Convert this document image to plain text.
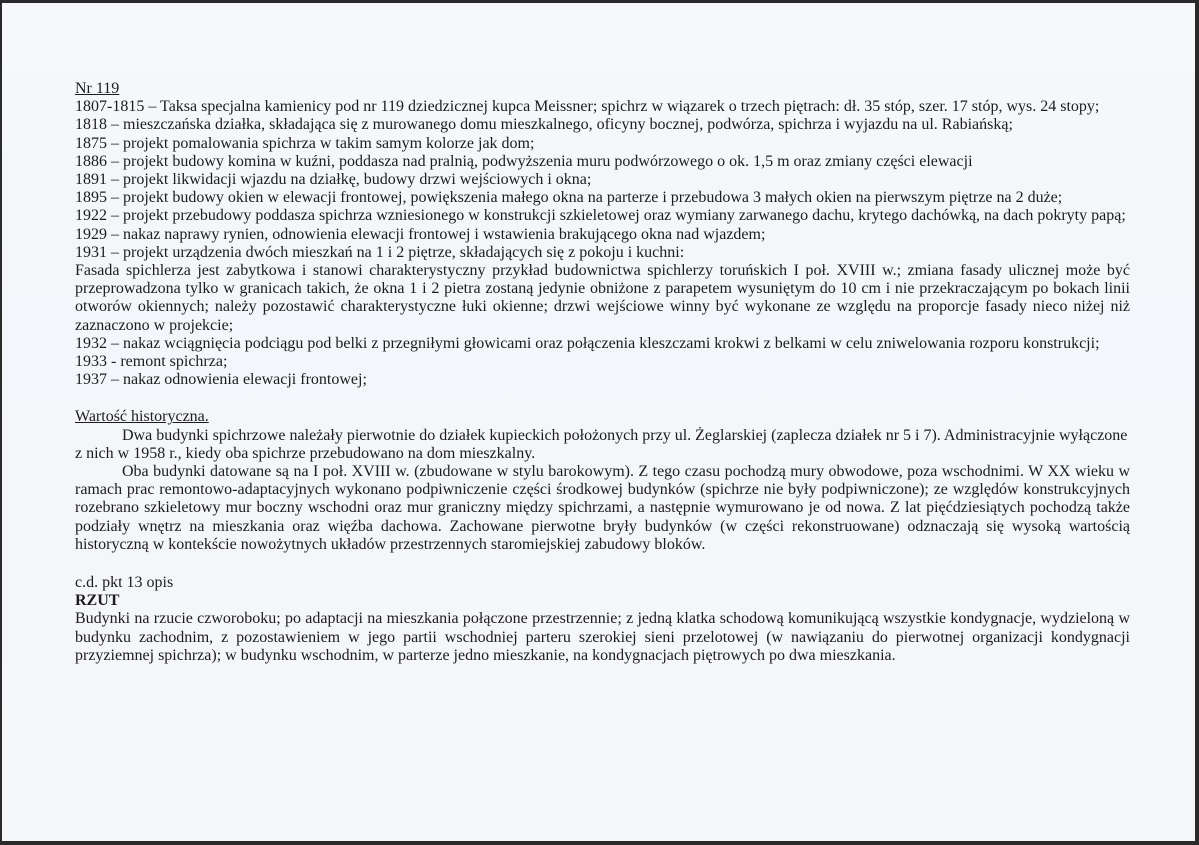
Nr 119

1807-1815 – Taksa specjalna kamienicy pod nr 119 dziedzicznej kupca Meissner; spichrz w wiązarek o trzech piętrach: dł. 35 stóp, szer. 17 stóp, wys. 24 stopy;

1818 – mieszczańska działka, składająca się z murowanego domu mieszkalnego, oficyny bocznej, podwórza, spichrza i wyjazdu na ul. Rabiańską;

1875 – projekt pomalowania spichrza w takim samym kolorze jak dom;

1886 – projekt budowy komina w kuźni, poddasza nad pralnią, podwyższenia muru podwórzowego o ok. 1,5 m oraz zmiany części elewacji

1891 – projekt likwidacji wjazdu na działkę, budowy drzwi wejściowych i okna;

1895 – projekt budowy okien w elewacji frontowej, powiększenia małego okna na parterze i przebudowa 3 małych okien na pierwszym piętrze na 2 duże;

1922 – projekt przebudowy poddasza spichrza wzniesionego w konstrukcji szkieletowej oraz wymiany zarwanego dachu, krytego dachówką, na dach pokryty papą;

1929 – nakaz naprawy rynien, odnowienia elewacji frontowej i wstawienia brakującego okna nad wjazdem;

1931 – projekt urządzenia dwóch mieszkań na 1 i 2 piętrze, składających się z pokoju i kuchni:

Fasada spichlerza jest zabytkowa i stanowi charakterystyczny przykład budownictwa spichlerzy toruńskich I poł. XVIII w.; zmiana fasady ulicznej może być przeprowadzona tylko w granicach takich, że okna 1 i 2 pietra zostaną jedynie obniżone z parapetem wysuniętym do 10 cm i nie przekraczającym po bokach linii otworów okiennych; należy pozostawić charakterystyczne łuki okienne; drzwi wejściowe winny być wykonane ze względu na proporcje fasady nieco niżej niż zaznaczono w projekcie;

1932 – nakaz wciągnięcia podciągu pod belki z przegniłymi głowicami oraz połączenia kleszczami krokwi z belkami w celu zniwelowania rozporu konstrukcji;

1933 - remont spichrza;

1937 – nakaz odnowienia elewacji frontowej;

Wartość historyczna.

Dwa budynki spichrzowe należały pierwotnie do działek kupieckich położonych przy ul. Żeglarskiej (zaplecza działek nr 5 i 7). Administracyjnie wyłączone z nich w 1958 r., kiedy oba spichrze przebudowano na dom mieszkalny.

Oba budynki datowane są na I poł. XVIII w. (zbudowane w stylu barokowym). Z tego czasu pochodzą mury obwodowe, poza wschodnimi. W XX wieku w ramach prac remontowo-adaptacyjnych wykonano podpiwniczenie części środkowej budynków (spichrze nie były podpiwniczone); ze względów konstrukcyjnych rozebrano szkieletowy mur boczny wschodni oraz mur graniczny między spichrzami, a następnie wymurowano je od nowa. Z lat pięćdziesiątych pochodzą także podziały wnętrz na mieszkania oraz więźba dachowa. Zachowane pierwotne bryły budynków (w części rekonstruowane) odznaczają się wysoką wartością historyczną w kontekście nowożytnych układów przestrzennych staromiejskiej zabudowy bloków.

c.d. pkt 13 opis

RZUT

Budynki na rzucie czworoboku; po adaptacji na mieszkania połączone przestrzennie; z jedną klatka schodową komunikującą wszystkie kondygnacje, wydzieloną w budynku zachodnim, z pozostawieniem w jego partii wschodniej parteru szerokiej sieni przelotowej (w nawiązaniu do pierwotnej organizacji kondygnacji przyziemnej spichrza); w budynku wschodnim, w parterze jedno mieszkanie, na kondygnacjach piętrowych po dwa mieszkania.
